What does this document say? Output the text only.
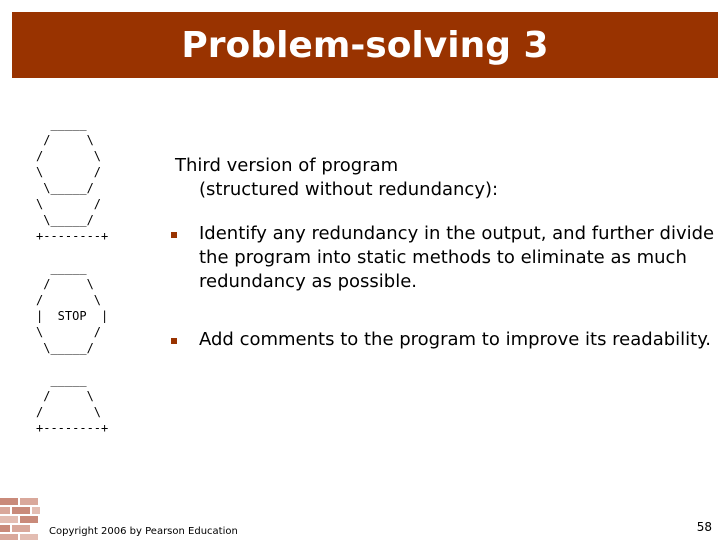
Problem-solving 3
_____
/     \
/       \
\       /
\_____/
\       /
\_____/
+--------+

_____
/     \
/       \
|  STOP  |
\       /
\_____/

_____
/     \
/       \
+--------+
Third version of program
(structured without redundancy):
Identify any redundancy in the output, and further divide the program into static methods to eliminate as much redundancy as possible.
Add comments to the program to improve its readability.
Copyright 2006 by Pearson Education	58
